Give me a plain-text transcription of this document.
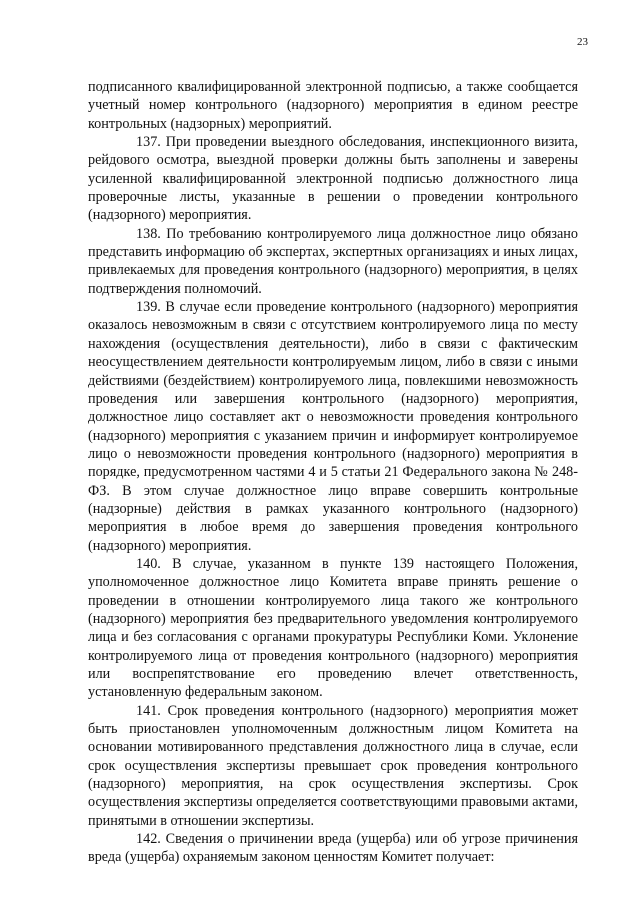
23

подписанного квалифицированной электронной подписью, а также сообщается учетный номер контрольного (надзорного) мероприятия в едином реестре контрольных (надзорных) мероприятий.

137. При проведении выездного обследования, инспекционного визита, рейдового осмотра, выездной проверки должны быть заполнены и заверены усиленной квалифицированной электронной подписью должностного лица проверочные листы, указанные в решении о проведении контрольного (надзорного) мероприятия.

138. По требованию контролируемого лица должностное лицо обязано представить информацию об экспертах, экспертных организациях и иных лицах, привлекаемых для проведения контрольного (надзорного) мероприятия, в целях подтверждения полномочий.

139. В случае если проведение контрольного (надзорного) мероприятия оказалось невозможным в связи с отсутствием контролируемого лица по месту нахождения (осуществления деятельности), либо в связи с фактическим неосуществлением деятельности контролируемым лицом, либо в связи с иными действиями (бездействием) контролируемого лица, повлекшими невозможность проведения или завершения контрольного (надзорного) мероприятия, должностное лицо составляет акт о невозможности проведения контрольного (надзорного) мероприятия с указанием причин и информирует контролируемое лицо о невозможности проведения контрольного (надзорного) мероприятия в порядке, предусмотренном частями 4 и 5 статьи 21 Федерального закона № 248-ФЗ. В этом случае должностное лицо вправе совершить контрольные (надзорные) действия в рамках указанного контрольного (надзорного) мероприятия в любое время до завершения проведения контрольного (надзорного) мероприятия.

140. В случае, указанном в пункте 139 настоящего Положения, уполномоченное должностное лицо Комитета вправе принять решение о проведении в отношении контролируемого лица такого же контрольного (надзорного) мероприятия без предварительного уведомления контролируемого лица и без согласования с органами прокуратуры Республики Коми. Уклонение контролируемого лица от проведения контрольного (надзорного) мероприятия или воспрепятствование его проведению влечет ответственность, установленную федеральным законом.

141. Срок проведения контрольного (надзорного) мероприятия может быть приостановлен уполномоченным должностным лицом Комитета на основании мотивированного представления должностного лица в случае, если срок осуществления экспертизы превышает срок проведения контрольного (надзорного) мероприятия, на срок осуществления экспертизы. Срок осуществления экспертизы определяется соответствующими правовыми актами, принятыми в отношении экспертизы.

142. Сведения о причинении вреда (ущерба) или об угрозе причинения вреда (ущерба) охраняемым законом ценностям Комитет получает:
